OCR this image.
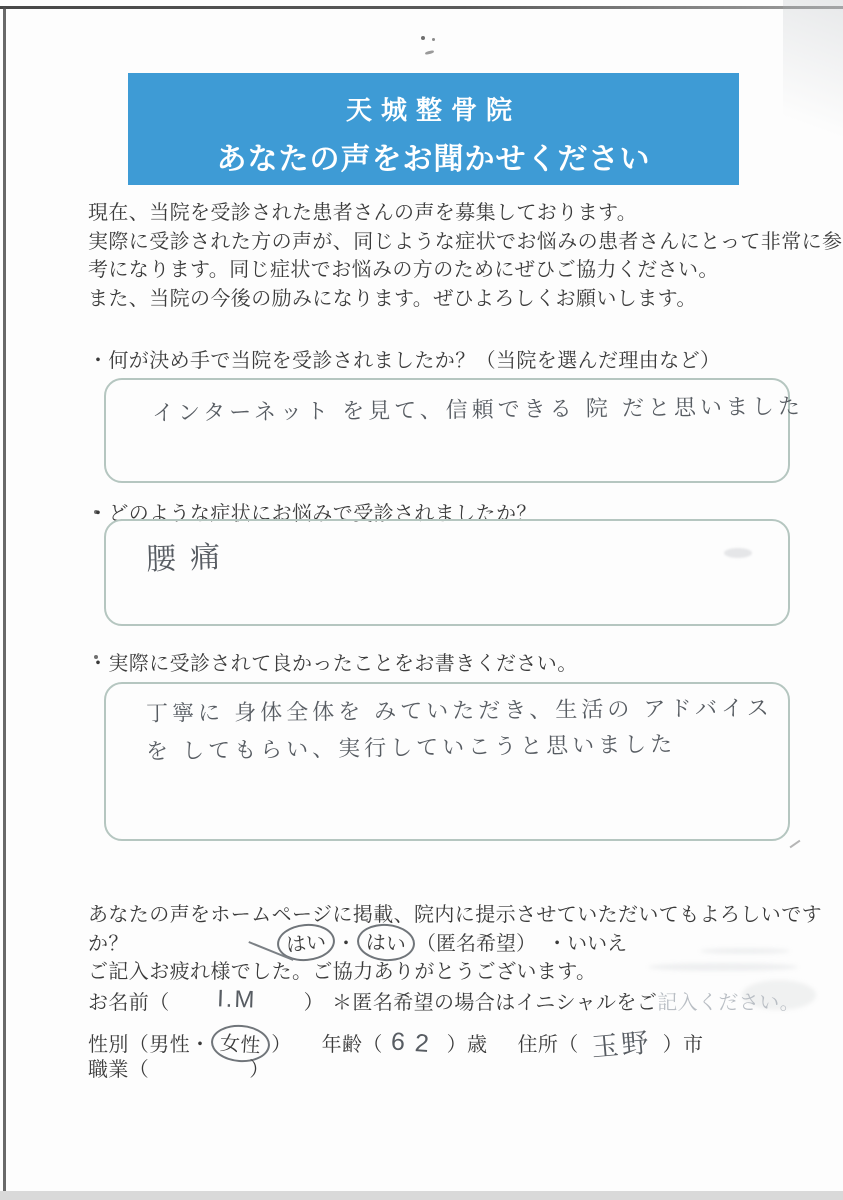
天城整骨院
あなたの声をお聞かせください
現在、当院を受診された患者さんの声を募集しております。
実際に受診された方の声が、同じような症状でお悩みの患者さんにとって非常に参
考になります。同じ症状でお悩みの方のためにぜひご協力ください。
また、当院の今後の励みになります。ぜひよろしくお願いします。
・何が決め手で当院を受診されましたか？（当院を選んだ理由など）
インターネット を見て、信頼できる 院 だと思いました
・どのような症状にお悩みで受診されましたか？
腰痛
・実際に受診されて良かったことをお書きください。
丁寧に 身体全体を みていただき、生活の アドバイス
を してもらい、実行していこうと思いました
あなたの声をホームページに掲載、院内に提示させていただいてもよろしいですか？	はい ・ はい （匿名希望） ・いいえ
ご記入お疲れ様でした。ご協力ありがとうございます。
お名前（ I.M ） ＊匿名希望の場合はイニシャルをご記入ください。
性別（男性・ 女性 ） 年齢（ 62 ）歳 住所（ 玉野 ）市
職業（	）
